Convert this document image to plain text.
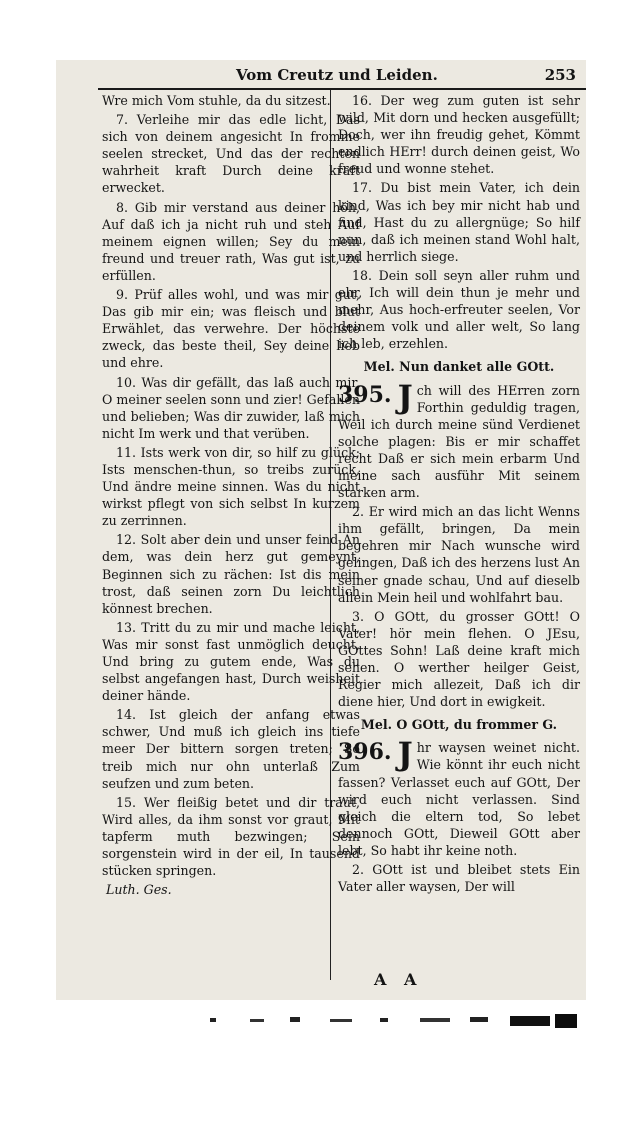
Vom Creutz und Leiden.	253

Wre mich Vom stuhle, da du sitzest.

7. Verleihe mir das edle licht, Das sich von deinem angesicht In fromme seelen strecket, Und das der rechten wahrheit kraft Durch deine kraft erwecket.

8. Gib mir verstand aus deiner höh, Auf daß ich ja nicht ruh und steh Auf meinem eignen willen; Sey du mein freund und treuer rath, Was gut ist, zu erfüllen.

9. Prüf alles wohl, und was mir gut, Das gib mir ein; was fleisch und blut Erwählet, das verwehre. Der höchste zweck, das beste theil, Sey deine lieb und ehre.

10. Was dir gefällt, das laß auch mir, O meiner seelen sonn und zier! Gefallen und belieben; Was dir zuwider, laß mich nicht Im werk und that verüben.

11. Ists werk von dir, so hilf zu glück; Ists menschen-thun, so treibs zurück, Und ändre meine sinnen. Was du nicht wirkst pflegt von sich selbst In kurzem zu zerrinnen.

12. Solt aber dein und unser feind An dem, was dein herz gut gemeynt, Beginnen sich zu rächen: Ist dis mein trost, daß seinen zorn Du leichtlich könnest brechen.

13. Tritt du zu mir und mache leicht, Was mir sonst fast unmöglich deucht, Und bring zu gutem ende, Was du selbst angefangen hast, Durch weisheit deiner hände.

14. Ist gleich der anfang etwas schwer, Und muß ich gleich ins tiefe meer Der bittern sorgen treten; So treib mich nur ohn unterlaß Zum seufzen und zum beten.

15. Wer fleißig betet und dir traut, Wird alles, da ihm sonst vor graut, Mit tapferm muth bezwingen; Sein sorgenstein wird in der eil, In tausend stücken springen.

Luth. Ges.

16. Der weg zum guten ist sehr wild, Mit dorn und hecken ausgefüllt; Doch, wer ihn freudig gehet, Kömmt endlich HErr! durch deinen geist, Wo freud und wonne stehet.

17. Du bist mein Vater, ich dein kind, Was ich bey mir nicht hab und find, Hast du zu allergnüge; So hilf nun, daß ich meinen stand Wohl halt, und herrlich siege.

18. Dein soll seyn aller ruhm und ehr, Ich will dein thun je mehr und mehr, Aus hoch-erfreuter seelen, Vor deinem volk und aller welt, So lang ich leb, erzehlen.

Mel. Nun danket alle GOtt.

395. J ch will des HErren zorn Forthin geduldig tragen, Weil ich durch meine sünd Verdienet solche plagen: Bis er mir schaffet recht Daß er sich mein erbarm Und meine sach ausführ Mit seinem starken arm.

2. Er wird mich an das licht Wenns ihm gefällt, bringen, Da mein begehren mir Nach wunsche wird gelingen, Daß ich des herzens lust An seiner gnade schau, Und auf dieselb allein Mein heil und wohlfahrt bau.

3. O GOtt, du grosser GOtt! O Vater! hör mein flehen. O JEsu, GOttes Sohn! Laß deine kraft mich sehen. O werther heilger Geist, Regier mich allezeit, Daß ich dir diene hier, Und dort in ewigkeit.

Mel. O GOtt, du frommer G.

396. J hr waysen weinet nicht. Wie könnt ihr euch nicht fassen? Verlasset euch auf GOtt, Der wird euch nicht verlassen. Sind gleich die eltern tod, So lebet dennoch GOtt, Dieweil GOtt aber lebt, So habt ihr keine noth.

2. GOtt ist und bleibet stets Ein Vater aller waysen, Der will

A A
